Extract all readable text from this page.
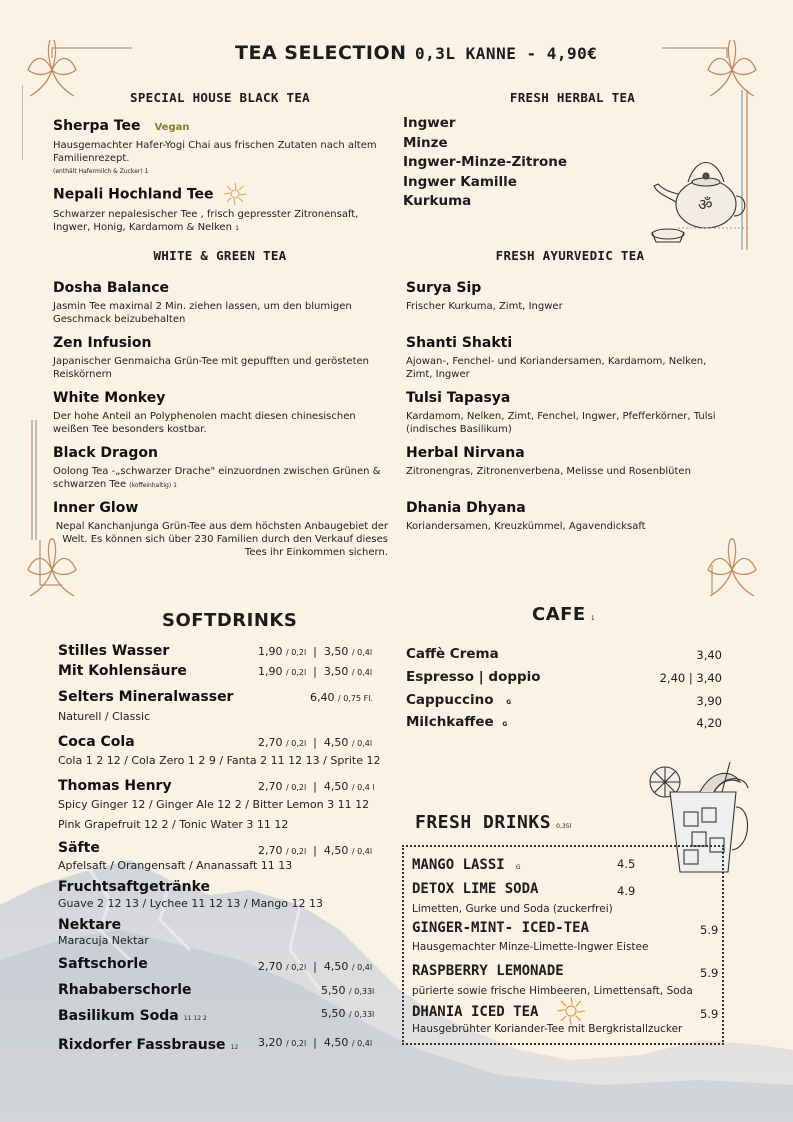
TEA SELECTION 0,3L KANNE - 4,90€
SPECIAL HOUSE BLACK TEA
Sherpa Tee Vegan
Hausgemachter Hafer-Yogi Chai aus frischen Zutaten nach altem Familienrezept.
(enthält Hafermilch & Zucker) 1
Nepali Hochland Tee
Schwarzer nepalesischer Tee , frisch gepresster Zitronensaft, Ingwer, Honig, Kardamom & Nelken 1
FRESH HERBAL TEA
Ingwer
Minze
Ingwer-Minze-Zitrone
Ingwer Kamille
Kurkuma	ॐ
WHITE & GREEN TEA
Dosha Balance
Jasmin Tee maximal 2 Min. ziehen lassen, um den blumigen Geschmack beizubehalten
Zen Infusion
Japanischer Genmaicha Grün-Tee mit gepufften und gerösteten Reiskörnern
White Monkey
Der hohe Anteil an Polyphenolen macht diesen chinesischen weißen Tee besonders kostbar.
Black Dragon
Oolong Tea -„schwarzer Drache" einzuordnen zwischen Grünen & schwarzen Tee (koffeinhaltig) 1
Inner Glow
Nepal Kanchanjunga Grün-Tee aus dem höchsten Anbaugebiet der Welt. Es können sich über 230 Familien durch den Verkauf dieses Tees ihr Einkommen sichern.
FRESH AYURVEDIC TEA
Surya Sip
Frischer Kurkuma, Zimt, Ingwer
Shanti Shakti
Ajowan-, Fenchel- und Koriandersamen, Kardamom, Nelken, Zimt, Ingwer
Tulsi Tapasya
Kardamom, Nelken, Zimt, Fenchel, Ingwer, Pfefferkörner, Tulsi (indisches Basilikum)
Herbal Nirvana
Zitronengras, Zitronenverbena, Melisse und Rosenblüten
Dhania Dhyana
Koriandersamen, Kreuzkümmel, Agavendicksaft
SOFTDRINKS
Stilles Wasser	1,90 / 0,2l  |  3,50 / 0,4l
Mit Kohlensäure	1,90 / 0,2l  |  3,50 / 0,4l
Selters Mineralwasser	6,40 / 0,75 Fl.
Naturell / Classic
Coca Cola	2,70 / 0,2l  |  4,50 / 0,4l
Cola 1 2 12 / Cola Zero 1 2 9 / Fanta 2 11 12 13 / Sprite 12
Thomas Henry	2,70 / 0,2l  |  4,50 / 0,4 l
Spicy Ginger 12 / Ginger Ale 12 2 / Bitter Lemon 3 11 12
Pink Grapefruit 12 2 / Tonic Water 3 11 12
Säfte	2,70 / 0,2l  |  4,50 / 0,4l
Apfelsaft / Orangensaft / Ananassaft 11 13
Fruchtsaftgetränke
Guave 2 12 13 / Lychee 11 12 13 / Mango 12 13
Nektare
Maracuja Nektar
Saftschorle	2,70 / 0,2l  |  4,50 / 0,4l
Rhababerschorle	5,50 / 0,33l
Basilikum Soda 11 12 2	5,50 / 0,33l
Rixdorfer Fassbrause 12 3,20 / 0,2l  |  4,50 / 0,4l
CAFE 1
Caffè Crema	3,40
Espresso | doppio	2,40 | 3,40
Cappuccino G	3,90
Milchkaffee G	4,20
FRESH DRINKS 0,35l
MANGO LASSI G	4.5
DETOX LIME SODA	4.9
Limetten, Gurke und Soda (zuckerfrei)
GINGER-MINT- ICED-TEA	5.9
Hausgemachter Minze-Limette-Ingwer Eistee
RASPBERRY LEMONADE	5.9
pürierte sowie frische Himbeeren, Limettensaft, Soda
DHANIA ICED TEA	5.9
Hausgebrühter Koriander-Tee mit Bergkristallzucker
